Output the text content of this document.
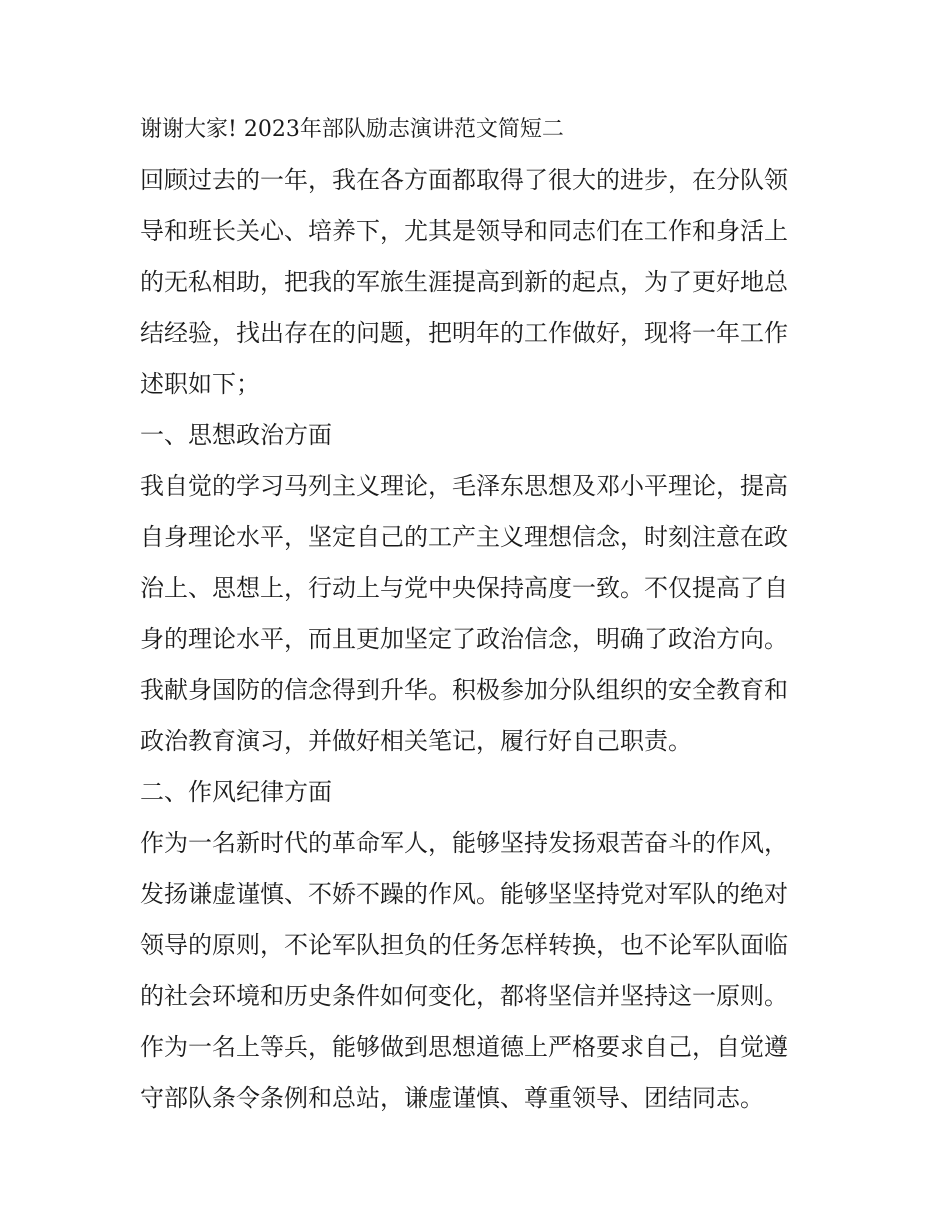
谢谢大家! 2023年部队励志演讲范文简短二
回顾过去的一年，我在各方面都取得了很大的进步，在分队领
导和班长关心、培养下，尤其是领导和同志们在工作和身活上
的无私相助，把我的军旅生涯提高到新的起点，为了更好地总
结经验，找出存在的问题，把明年的工作做好，现将一年工作
述职如下；
一、思想政治方面
我自觉的学习马列主义理论，毛泽东思想及邓小平理论，提高
自身理论水平，坚定自己的工产主义理想信念，时刻注意在政
治上、思想上，行动上与党中央保持高度一致。不仅提高了自
身的理论水平，而且更加坚定了政治信念，明确了政治方向。
我献身国防的信念得到升华。积极参加分队组织的安全教育和
政治教育演习，并做好相关笔记，履行好自己职责。
二、作风纪律方面
作为一名新时代的革命军人，能够坚持发扬艰苦奋斗的作风，
发扬谦虚谨慎、不娇不躁的作风。能够坚坚持党对军队的绝对
领导的原则，不论军队担负的任务怎样转换，也不论军队面临
的社会环境和历史条件如何变化，都将坚信并坚持这一原则。
作为一名上等兵，能够做到思想道德上严格要求自己，自觉遵
守部队条令条例和总站，谦虚谨慎、尊重领导、团结同志。
